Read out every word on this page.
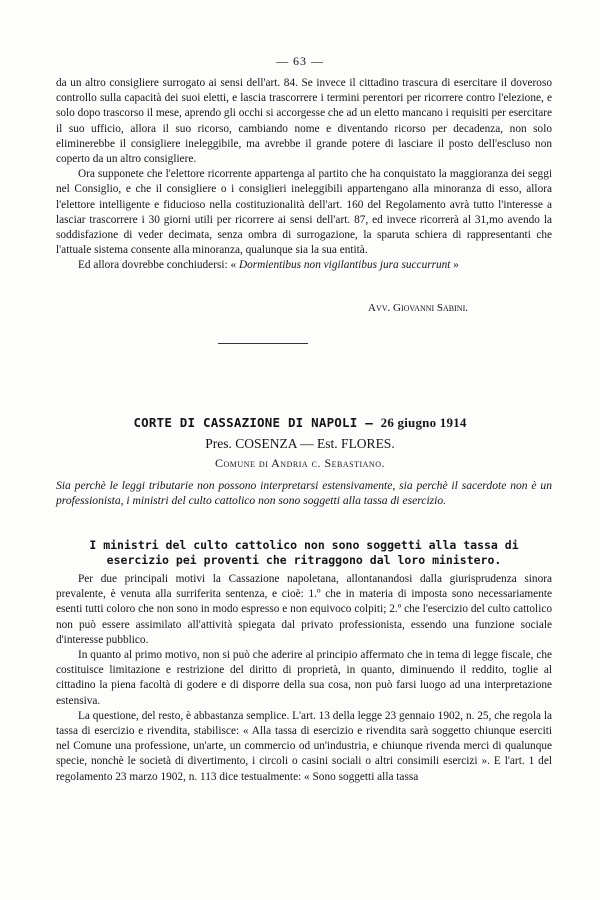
— 63 —

da un altro consigliere surrogato ai sensi dell'art. 84. Se invece il cittadino trascura di esercitare il doveroso controllo sulla capacità dei suoi eletti, e lascia trascorrere i termini perentori per ricorrere contro l'elezione, e solo dopo trascorso il mese, aprendo gli occhi si accorgesse che ad un eletto mancano i requisiti per esercitare il suo ufficio, allora il suo ricorso, cambiando nome e diventando ricorso per decadenza, non solo eliminerebbe il consigliere ineleggibile, ma avrebbe il grande potere di lasciare il posto dell'escluso non coperto da un altro consigliere.

Ora supponete che l'elettore ricorrente appartenga al partito che ha conquistato la maggioranza dei seggi nel Consiglio, e che il consigliere o i consiglieri ineleggibili appartengano alla minoranza di esso, allora l'elettore intelligente e fiducioso nella costituzionalità dell'art. 160 del Regolamento avrà tutto l'interesse a lasciar trascorrere i 30 giorni utili per ricorrere ai sensi dell'art. 87, ed invece ricorrerà al 31,mo avendo la soddisfazione di veder decimata, senza ombra di surrogazione, la sparuta schiera di rappresentanti che l'attuale sistema consente alla minoranza, qualunque sia la sua entità.

Ed allora dovrebbe conchiudersi: « Dormientibus non vigilantibus jura succurrunt »

Avv. Giovanni Sabini.
CORTE DI CASSAZIONE DI NAPOLI — 26 giugno 1914
Pres. COSENZA — Est. FLORES.
Comune di Andria c. Sebastiano.
Sia perchè le leggi tributarie non possono interpretarsi estensivamente, sia perchè il sacerdote non è un professionista, i ministri del culto cattolico non sono soggetti alla tassa di esercizio.
I ministri del culto cattolico non sono soggetti alla tassa di esercizio pei proventi che ritraggono dal loro ministero.

Per due principali motivi la Cassazione napoletana, allontanandosi dalla giurisprudenza sinora prevalente, è venuta alla surriferita sentenza, e cioè: 1.º che in materia di imposta sono necessariamente esenti tutti coloro che non sono in modo espresso e non equivoco colpiti; 2.º che l'esercizio del culto cattolico non può essere assimilato all'attività spiegata dal privato professionista, essendo una funzione sociale d'interesse pubblico.

In quanto al primo motivo, non si può che aderire al principio affermato che in tema di legge fiscale, che costituisce limitazione e restrizione del diritto di proprietà, in quanto, diminuendo il reddito, toglie al cittadino la piena facoltà di godere e di disporre della sua cosa, non può farsi luogo ad una interpretazione estensiva.

La questione, del resto, è abbastanza semplice. L'art. 13 della legge 23 gennaio 1902, n. 25, che regola la tassa di esercizio e rivendita, stabilisce: « Alla tassa di esercizio e rivendita sarà soggetto chiunque eserciti nel Comune una professione, un'arte, un commercio od un'industria, e chiunque rivenda merci di qualunque specie, nonchè le società di divertimento, i circoli o casini sociali o altri consimili esercizi ». E l'art. 1 del regolamento 23 marzo 1902, n. 113 dice testualmente: « Sono soggetti alla tassa
